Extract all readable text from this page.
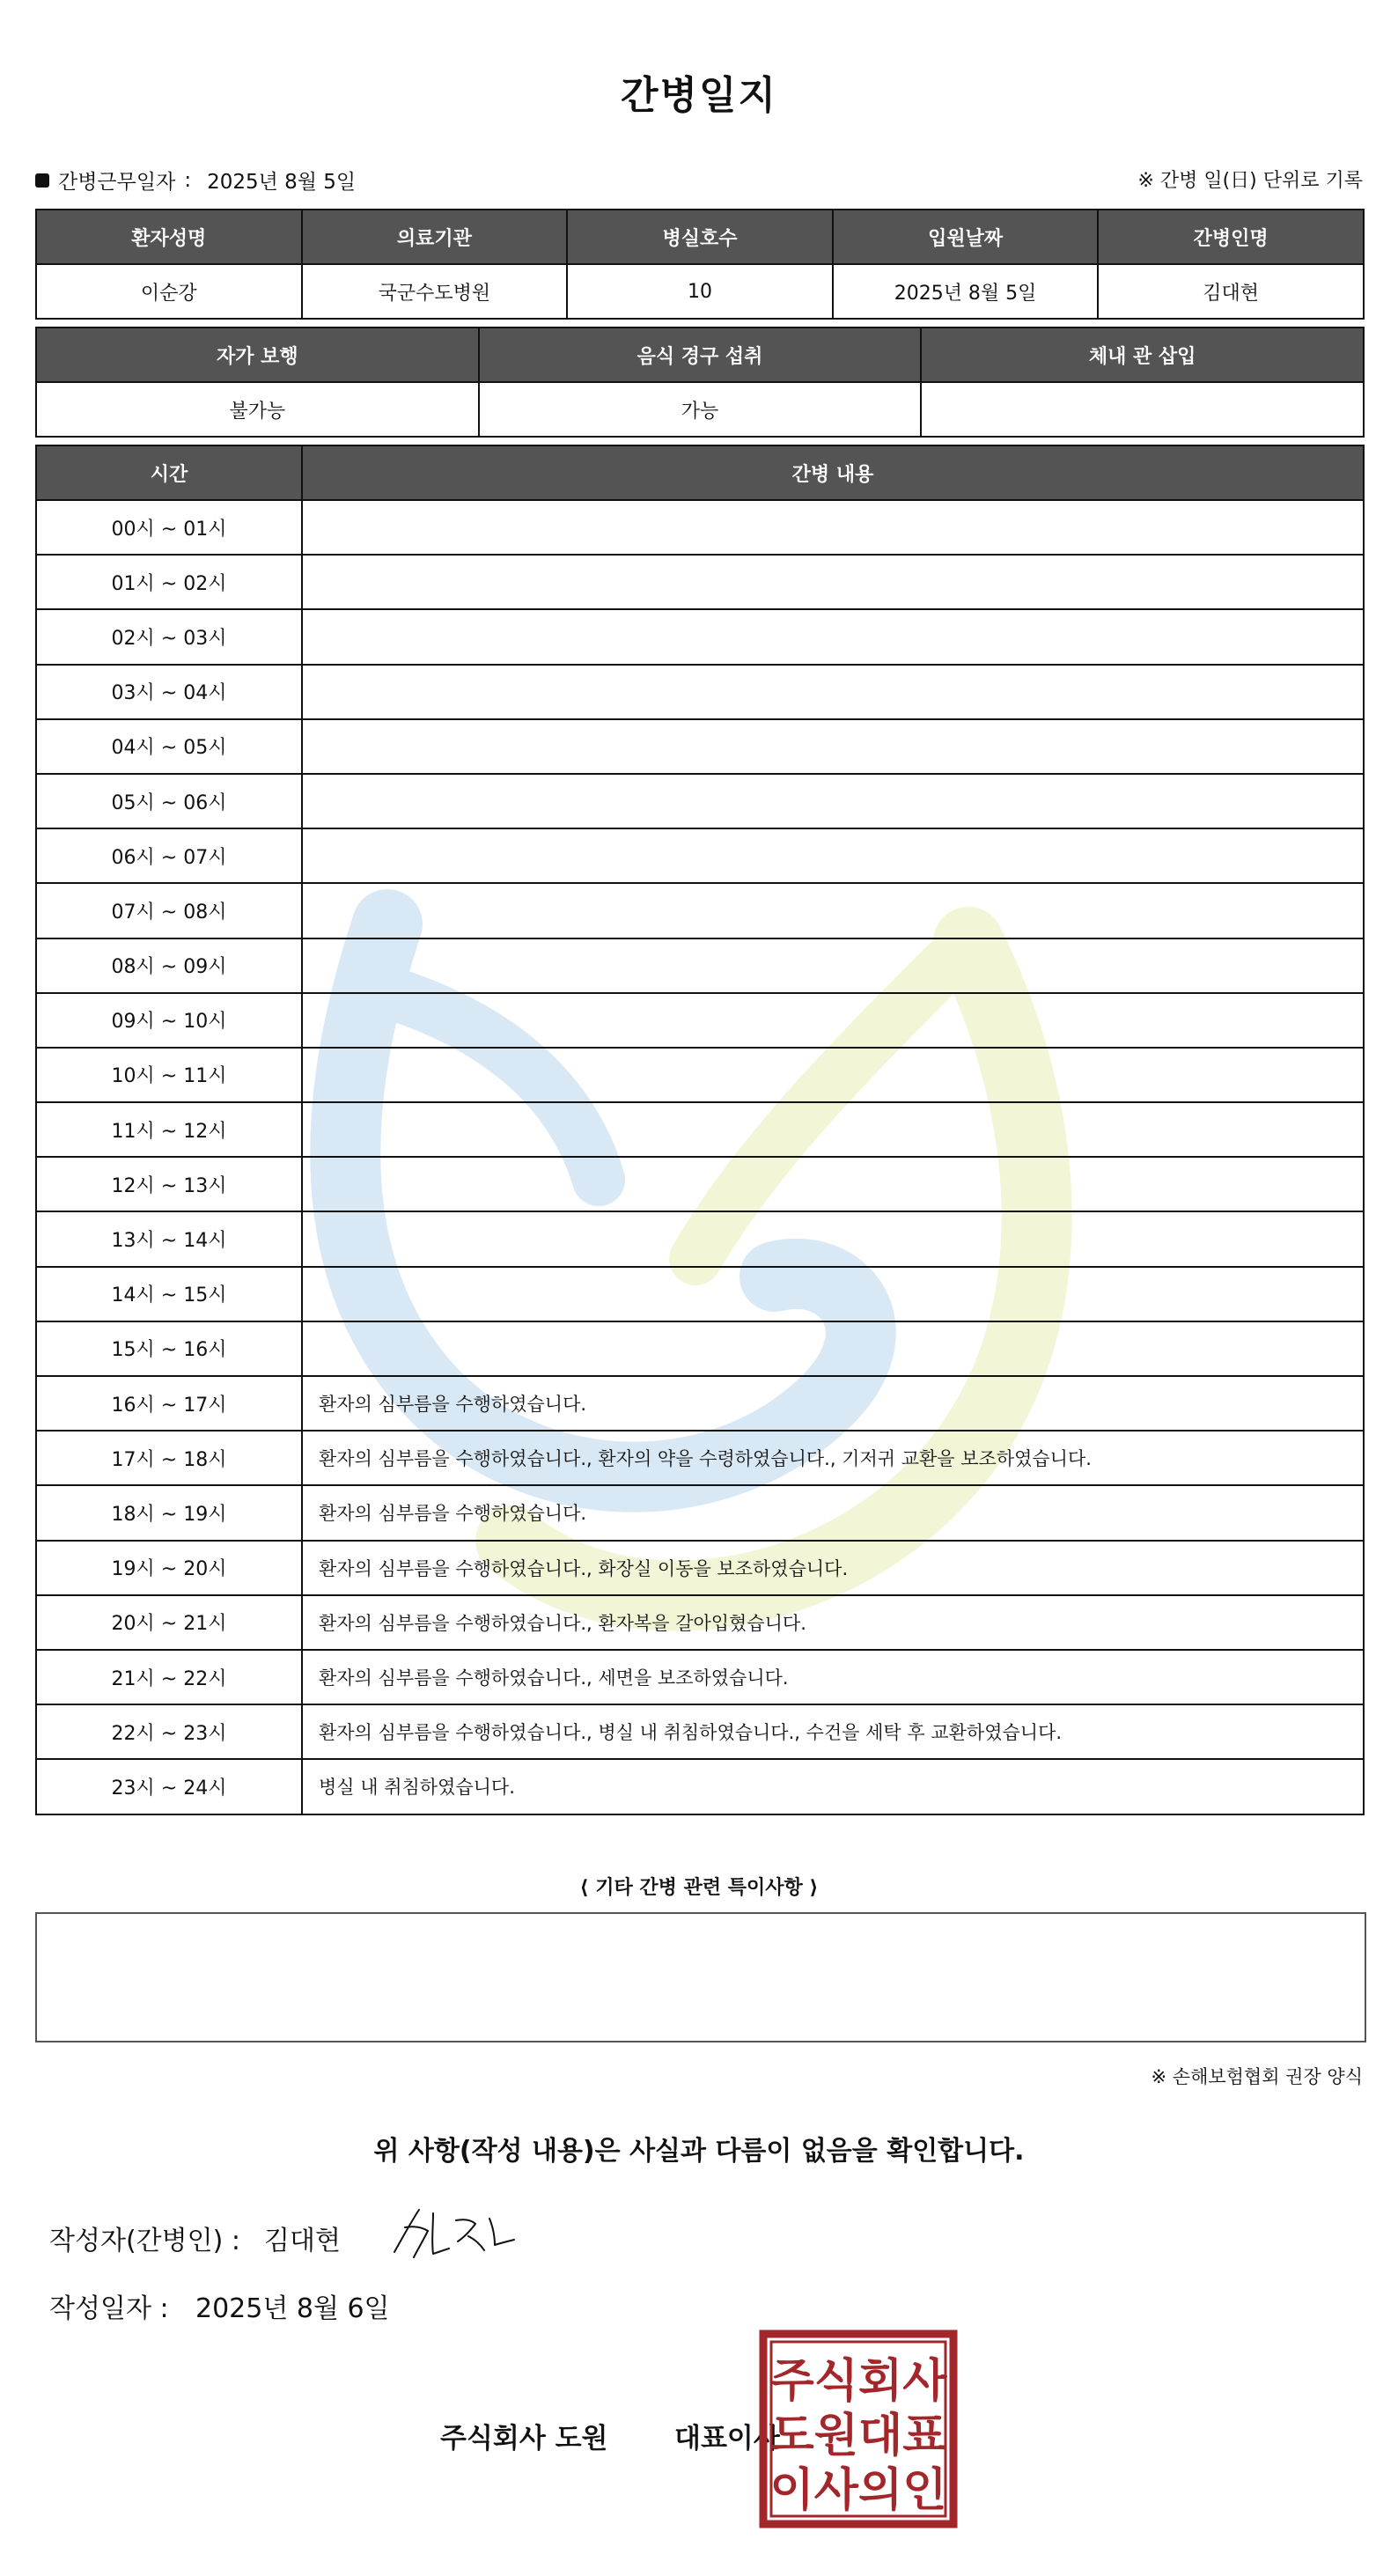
간병일지
간병근무일자 : 2025년 8월 5일	※ 간병 일(日) 단위로 기록
환자성명	의료기관	병실호수	입원날짜	간병인명
이순강	국군수도병원	10	2025년 8월 5일	김대현
자가 보행	음식 경구 섭취	체내 관 삽입
불가능	가능	
시간	간병 내용
00시 ~ 01시	
01시 ~ 02시	
02시 ~ 03시	
03시 ~ 04시	
04시 ~ 05시	
05시 ~ 06시	
06시 ~ 07시	
07시 ~ 08시	
08시 ~ 09시	
09시 ~ 10시	
10시 ~ 11시	
11시 ~ 12시	
12시 ~ 13시	
13시 ~ 14시	
14시 ~ 15시	
15시 ~ 16시	
16시 ~ 17시	환자의 심부름을 수행하였습니다.
17시 ~ 18시	환자의 심부름을 수행하였습니다., 환자의 약을 수령하였습니다., 기저귀 교환을 보조하였습니다.
18시 ~ 19시	환자의 심부름을 수행하였습니다.
19시 ~ 20시	환자의 심부름을 수행하였습니다., 화장실 이동을 보조하였습니다.
20시 ~ 21시	환자의 심부름을 수행하였습니다., 환자복을 갈아입혔습니다.
21시 ~ 22시	환자의 심부름을 수행하였습니다., 세면을 보조하였습니다.
22시 ~ 23시	환자의 심부름을 수행하였습니다., 병실 내 취침하였습니다., 수건을 세탁 후 교환하였습니다.
23시 ~ 24시	병실 내 취침하였습니다.
⟨ 기타 간병 관련 특이사항 ⟩
※ 손해보험협회 권장 양식
위 사항(작성 내용)은 사실과 다름이 없음을 확인합니다.
작성자(간병인) : 김대현
작성일자 : 2025년 8월 6일
주식회사 도원 대표이사
주식회사
도원대표
이사의인
